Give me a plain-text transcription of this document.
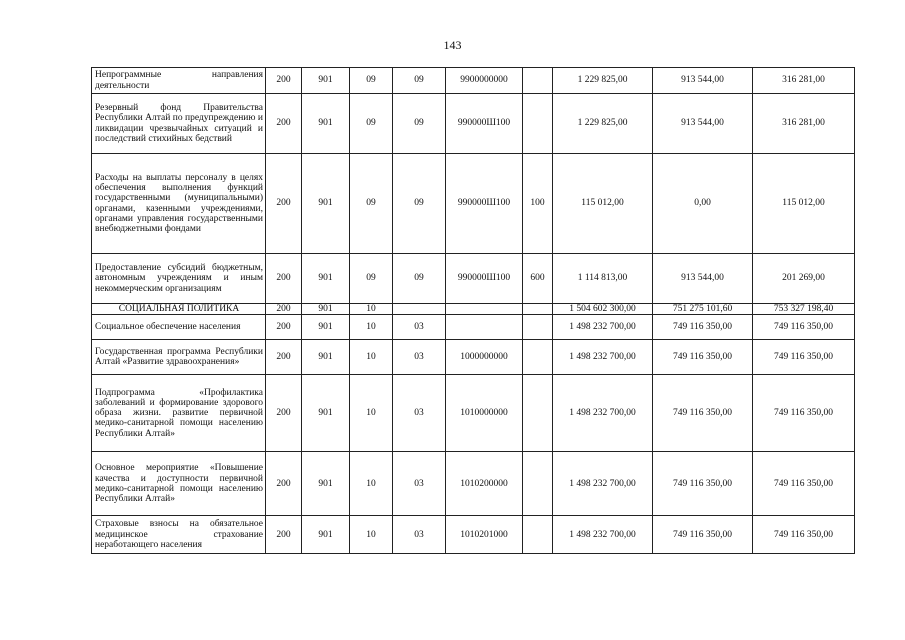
143
Непрограммные направления деятельности	200	901	09	09	9900000000		1 229 825,00	913 544,00	316 281,00
Резервный фонд Правительства Республики Алтай по предупреждению и ликвидации чрезвычайных ситуаций и последствий стихийных бедствий	200	901	09	09	990000Ш100		1 229 825,00	913 544,00	316 281,00
Расходы на выплаты персоналу в целях обеспечения выполнения функций государственными (муниципальными) органами, казенными учреждениями, органами управления государственными внебюджетными фондами	200	901	09	09	990000Ш100	100	115 012,00	0,00	115 012,00
Предоставление субсидий бюджетным, автономным учреждениям и иным некоммерческим организациям	200	901	09	09	990000Ш100	600	1 114 813,00	913 544,00	201 269,00
СОЦИАЛЬНАЯ ПОЛИТИКА	200	901	10				1 504 602 300,00	751 275 101,60	753 327 198,40
Социальное обеспечение населения	200	901	10	03			1 498 232 700,00	749 116 350,00	749 116 350,00
Государственная программа Республики Алтай «Развитие здравоохранения»	200	901	10	03	1000000000		1 498 232 700,00	749 116 350,00	749 116 350,00
Подпрограмма «Профилактика заболеваний и формирование здорового образа жизни. развитие первичной медико-санитарной помощи населению Республики Алтай»	200	901	10	03	1010000000		1 498 232 700,00	749 116 350,00	749 116 350,00
Основное мероприятие «Повышение качества и доступности первичной медико-санитарной помощи населению Республики Алтай»	200	901	10	03	1010200000		1 498 232 700,00	749 116 350,00	749 116 350,00
Страховые взносы на обязательное медицинское страхование неработающего населения	200	901	10	03	1010201000		1 498 232 700,00	749 116 350,00	749 116 350,00
